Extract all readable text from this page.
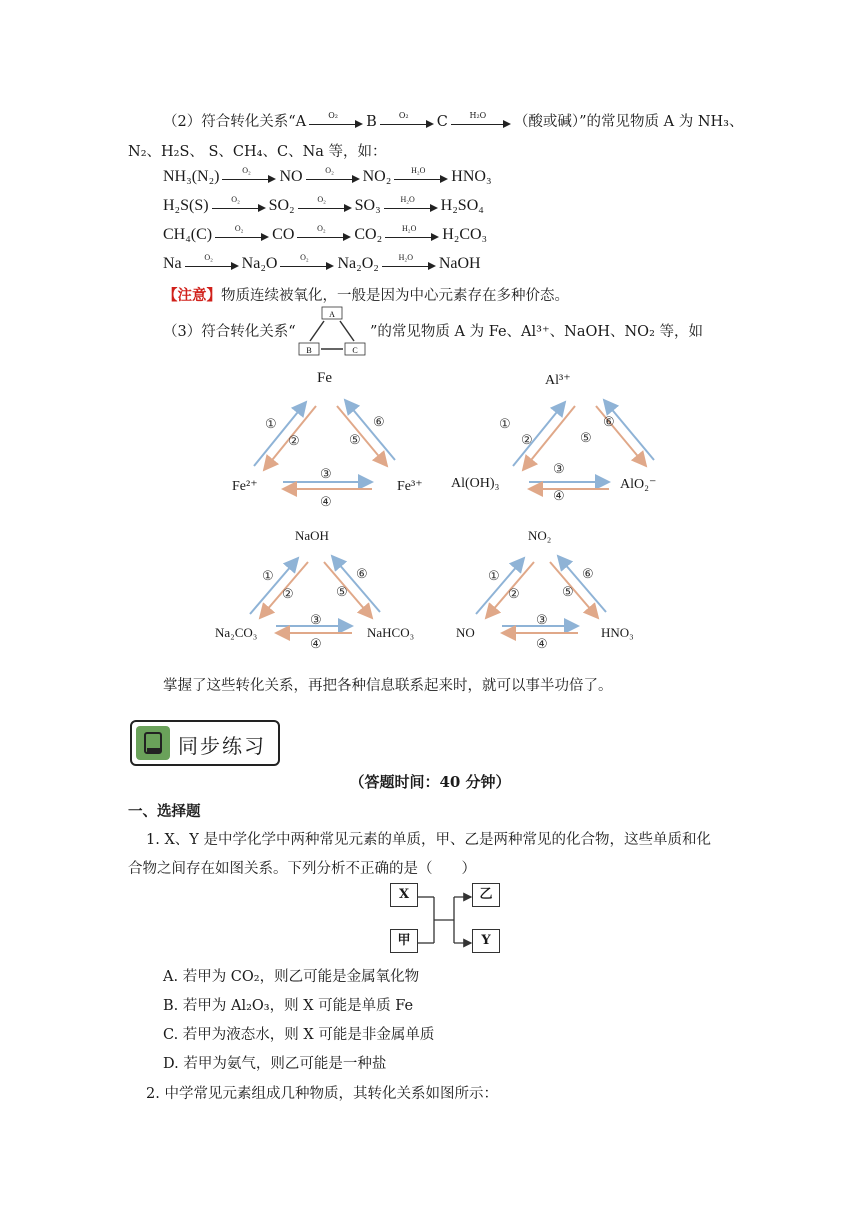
（2）符合转化关系“A	O₂	B	O₂	C	H₂O	（酸或碱）”的常见物质 A 为 NH₃、
N₂、H₂S、 S、CH₄、C、Na 等，如：
NH₃(N₂)	O₂	NO	O₂	NO₂	H₂O	HNO₃
H₂S(S)	O₂	SO₂	O₂	SO₃	H₂O	H₂SO₄
CH₄(C)	O₂	CO	O₂	CO₂	H₂O	H₂CO₃
Na	O₂	Na₂O	O₂	Na₂O₂	H₂O	NaOH
【注意】物质连续被氧化，一般是因为中心元素存在多种价态。
（3）符合转化关系“
A
B	C
”的常见物质 A 为 Fe、Al³⁺、NaOH、NO₂ 等，如
①
②
③
④
⑤
⑥	①
②
③
④
⑤
⑥
①
②
③
④
⑤
⑥	①
②
③
④
⑤
⑥
Fe
Fe²⁺	Fe³⁺
Al³⁺
Al(OH)₃	AlO₂⁻
NaOH
Na₂CO₃	NaHCO₃
NO₂
NO	HNO₃
掌握了这些转化关系，再把各种信息联系起来时，就可以事半功倍了。
同步练习
（答题时间：40 分钟）
一、选择题
1. X、Y 是中学化学中两种常见元素的单质，甲、乙是两种常见的化合物，这些单质和化
合物之间存在如图关系。下列分析不正确的是（　　）
X
甲
乙
Y
A. 若甲为 CO₂，则乙可能是金属氧化物
B. 若甲为 Al₂O₃，则 X 可能是单质 Fe
C. 若甲为液态水，则 X 可能是非金属单质
D. 若甲为氨气，则乙可能是一种盐
2. 中学常见元素组成几种物质，其转化关系如图所示：
